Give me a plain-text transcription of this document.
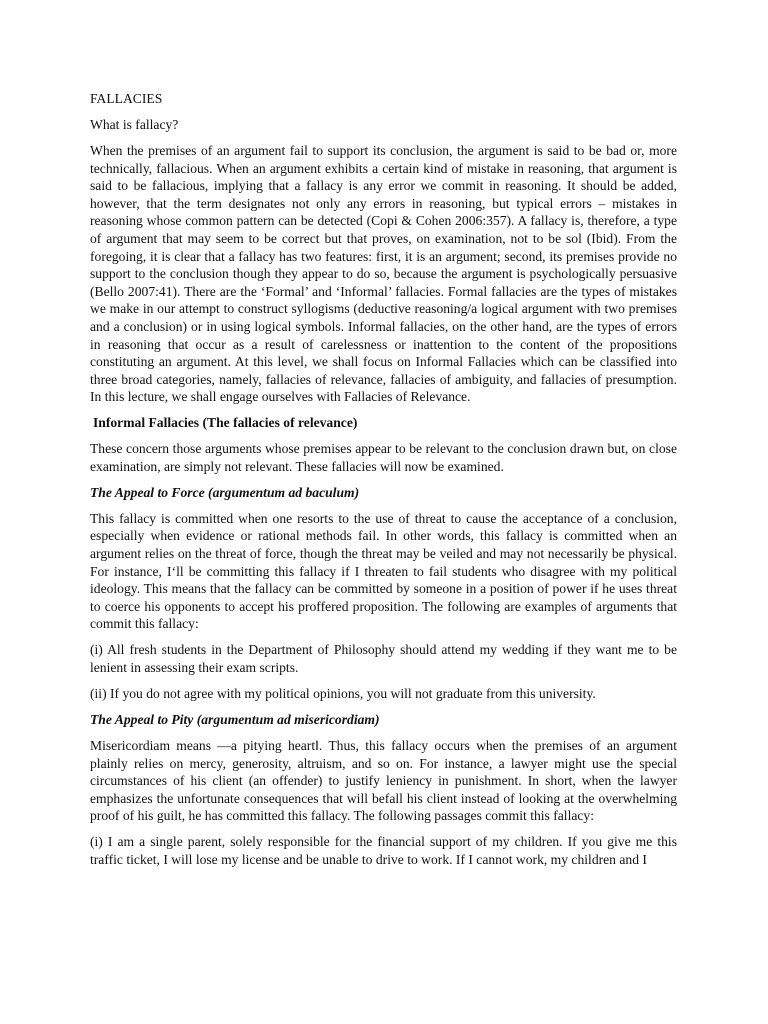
FALLACIES

What is fallacy?

When the premises of an argument fail to support its conclusion, the argument is said to be bad or, more technically, fallacious. When an argument exhibits a certain kind of mistake in reasoning, that argument is said to be fallacious, implying that a fallacy is any error we commit in reasoning. It should be added, however, that the term designates not only any errors in reasoning, but typical errors – mistakes in reasoning whose common pattern can be detected (Copi & Cohen 2006:357). A fallacy is, therefore, a type of argument that may seem to be correct but that proves, on examination, not to be sol (Ibid). From the foregoing, it is clear that a fallacy has two features: first, it is an argument; second, its premises provide no support to the conclusion though they appear to do so, because the argument is psychologically persuasive (Bello 2007:41). There are the ‘Formal’ and ‘Informal’ fallacies. Formal fallacies are the types of mistakes we make in our attempt to construct syllogisms (deductive reasoning/a logical argument with two premises and a conclusion) or in using logical symbols. Informal fallacies, on the other hand, are the types of errors in reasoning that occur as a result of carelessness or inattention to the content of the propositions constituting an argument. At this level, we shall focus on Informal Fallacies which can be classified into three broad categories, namely, fallacies of relevance, fallacies of ambiguity, and fallacies of presumption. In this lecture, we shall engage ourselves with Fallacies of Relevance.

Informal Fallacies (The fallacies of relevance)

These concern those arguments whose premises appear to be relevant to the conclusion drawn but, on close examination, are simply not relevant. These fallacies will now be examined.

The Appeal to Force (argumentum ad baculum)

This fallacy is committed when one resorts to the use of threat to cause the acceptance of a conclusion, especially when evidence or rational methods fail. In other words, this fallacy is committed when an argument relies on the threat of force, though the threat may be veiled and may not necessarily be physical. For instance, I‘ll be committing this fallacy if I threaten to fail students who disagree with my political ideology. This means that the fallacy can be committed by someone in a position of power if he uses threat to coerce his opponents to accept his proffered proposition. The following are examples of arguments that commit this fallacy:

(i) All fresh students in the Department of Philosophy should attend my wedding if they want me to be lenient in assessing their exam scripts.

(ii) If you do not agree with my political opinions, you will not graduate from this university.

The Appeal to Pity (argumentum ad misericordiam)

Misericordiam means ―a pitying heart‖. Thus, this fallacy occurs when the premises of an argument plainly relies on mercy, generosity, altruism, and so on. For instance, a lawyer might use the special circumstances of his client (an offender) to justify leniency in punishment. In short, when the lawyer emphasizes the unfortunate consequences that will befall his client instead of looking at the overwhelming proof of his guilt, he has committed this fallacy. The following passages commit this fallacy:

(i) I am a single parent, solely responsible for the financial support of my children. If you give me this traffic ticket, I will lose my license and be unable to drive to work. If I cannot work, my children and I
